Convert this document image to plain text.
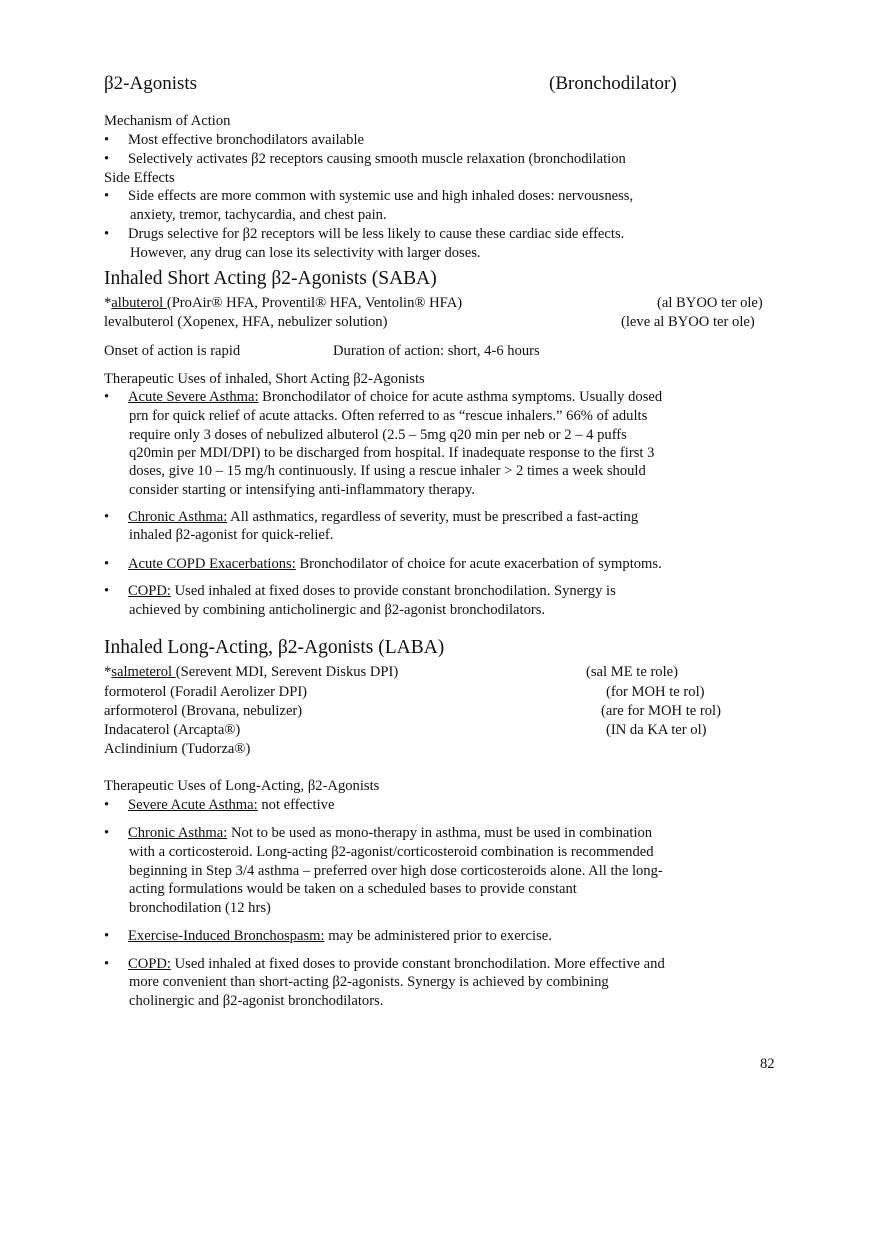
β2-Agonists	(Bronchodilator)
Mechanism of Action
• Most effective bronchodilators available
• Selectively activates β2 receptors causing smooth muscle relaxation (bronchodilation
Side Effects
• Side effects are more common with systemic use and high inhaled doses: nervousness,
anxiety, tremor, tachycardia, and chest pain.
• Drugs selective for β2 receptors will be less likely to cause these cardiac side effects.
However, any drug can lose its selectivity with larger doses.
Inhaled Short Acting β2-Agonists (SABA)
*albuterol (ProAir® HFA, Proventil® HFA, Ventolin® HFA)	(al BYOO ter ole)
levalbuterol (Xopenex, HFA, nebulizer solution)	(leve al BYOO ter ole)
Onset of action is rapid	Duration of action: short, 4-6 hours
Therapeutic Uses of inhaled, Short Acting β2-Agonists
• Acute Severe Asthma: Bronchodilator of choice for acute asthma symptoms. Usually dosed
prn for quick relief of acute attacks. Often referred to as “rescue inhalers.” 66% of adults
require only 3 doses of nebulized albuterol (2.5 – 5mg q20 min per neb or 2 – 4 puffs
q20min per MDI/DPI) to be discharged from hospital. If inadequate response to the first 3
doses, give 10 – 15 mg/h continuously. If using a rescue inhaler > 2 times a week should
consider starting or intensifying anti-inflammatory therapy.
• Chronic Asthma: All asthmatics, regardless of severity, must be prescribed a fast-acting
inhaled β2-agonist for quick-relief.
• Acute COPD Exacerbations: Bronchodilator of choice for acute exacerbation of symptoms.
• COPD: Used inhaled at fixed doses to provide constant bronchodilation. Synergy is
achieved by combining anticholinergic and β2-agonist bronchodilators.
Inhaled Long-Acting, β2-Agonists (LABA)
*salmeterol (Serevent MDI, Serevent Diskus DPI)	(sal ME te role)
formoterol (Foradil Aerolizer DPI)	(for MOH te rol)
arformoterol (Brovana, nebulizer)	(are for MOH te rol)
Indacaterol (Arcapta®)	(IN da KA ter ol)
Aclindinium (Tudorza®)
Therapeutic Uses of Long-Acting, β2-Agonists
• Severe Acute Asthma: not effective
• Chronic Asthma: Not to be used as mono-therapy in asthma, must be used in combination
with a corticosteroid. Long-acting β2-agonist/corticosteroid combination is recommended
beginning in Step 3/4 asthma – preferred over high dose corticosteroids alone. All the long-
acting formulations would be taken on a scheduled bases to provide constant
bronchodilation (12 hrs)
• Exercise-Induced Bronchospasm: may be administered prior to exercise.
• COPD: Used inhaled at fixed doses to provide constant bronchodilation. More effective and
more convenient than short-acting β2-agonists. Synergy is achieved by combining
cholinergic and β2-agonist bronchodilators.
82
